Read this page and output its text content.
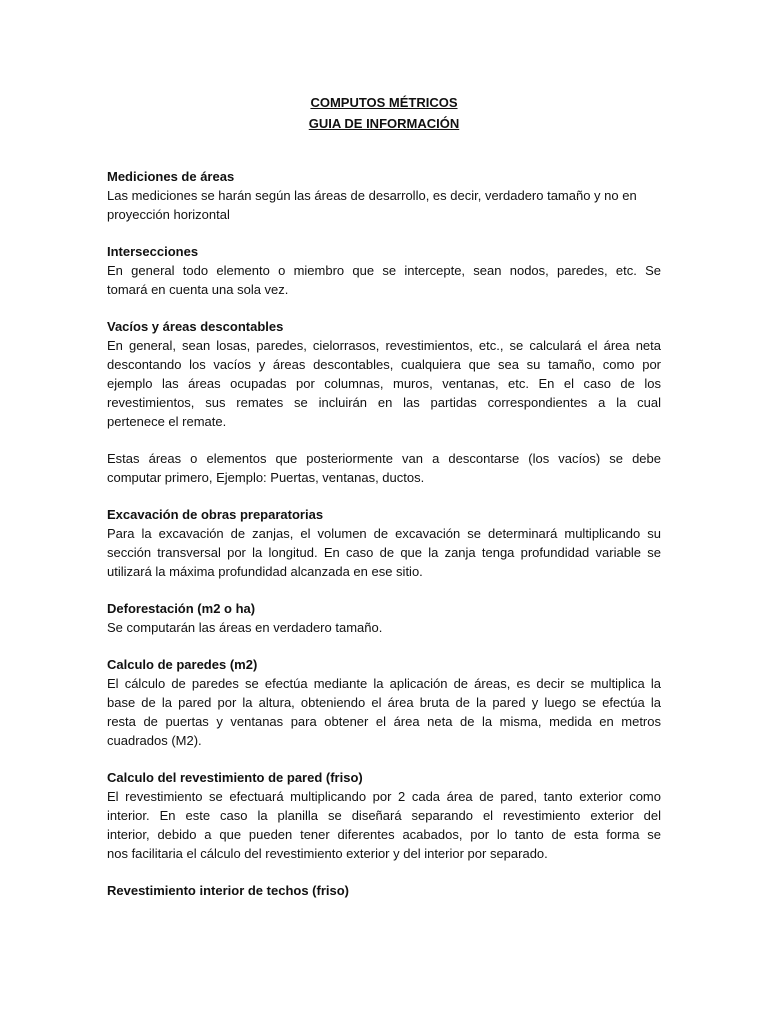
COMPUTOS MÉTRICOS

GUIA DE INFORMACIÓN

Mediciones de áreas

Las mediciones se harán según las áreas de desarrollo, es decir, verdadero tamaño y no en
proyección horizontal

Intersecciones

En general todo elemento o miembro que se intercepte, sean nodos, paredes, etc. Se
tomará en cuenta una sola vez.

Vacíos y áreas descontables

En general, sean losas, paredes, cielorrasos, revestimientos, etc., se calculará el área neta
descontando los vacíos y áreas descontables, cualquiera que sea su tamaño, como por
ejemplo las áreas ocupadas por columnas, muros, ventanas, etc. En el caso de los
revestimientos, sus remates se incluirán en las partidas correspondientes a la cual
pertenece el remate.

Estas áreas o elementos que posteriormente van a descontarse (los vacíos) se debe
computar primero, Ejemplo: Puertas, ventanas, ductos.

Excavación de obras preparatorias

Para la excavación de zanjas, el volumen de excavación se determinará multiplicando su
sección transversal por la longitud. En caso de que la zanja tenga profundidad variable se
utilizará la máxima profundidad alcanzada en ese sitio.

Deforestación (m2 o ha)

Se computarán las áreas en verdadero tamaño.

Calculo de paredes (m2)

El cálculo de paredes se efectúa mediante la aplicación de áreas, es decir se multiplica la
base de la pared por la altura, obteniendo el área bruta de la pared y luego se efectúa la
resta de puertas y ventanas para obtener el área neta de la misma, medida en metros
cuadrados (M2).

Calculo del revestimiento de pared (friso)

El revestimiento se efectuará multiplicando por 2 cada área de pared, tanto exterior como
interior. En este caso la planilla se diseñará separando el revestimiento exterior del
interior, debido a que pueden tener diferentes acabados, por lo tanto de esta forma se
nos facilitaria el cálculo del revestimiento exterior y del interior por separado.

Revestimiento interior de techos (friso)
